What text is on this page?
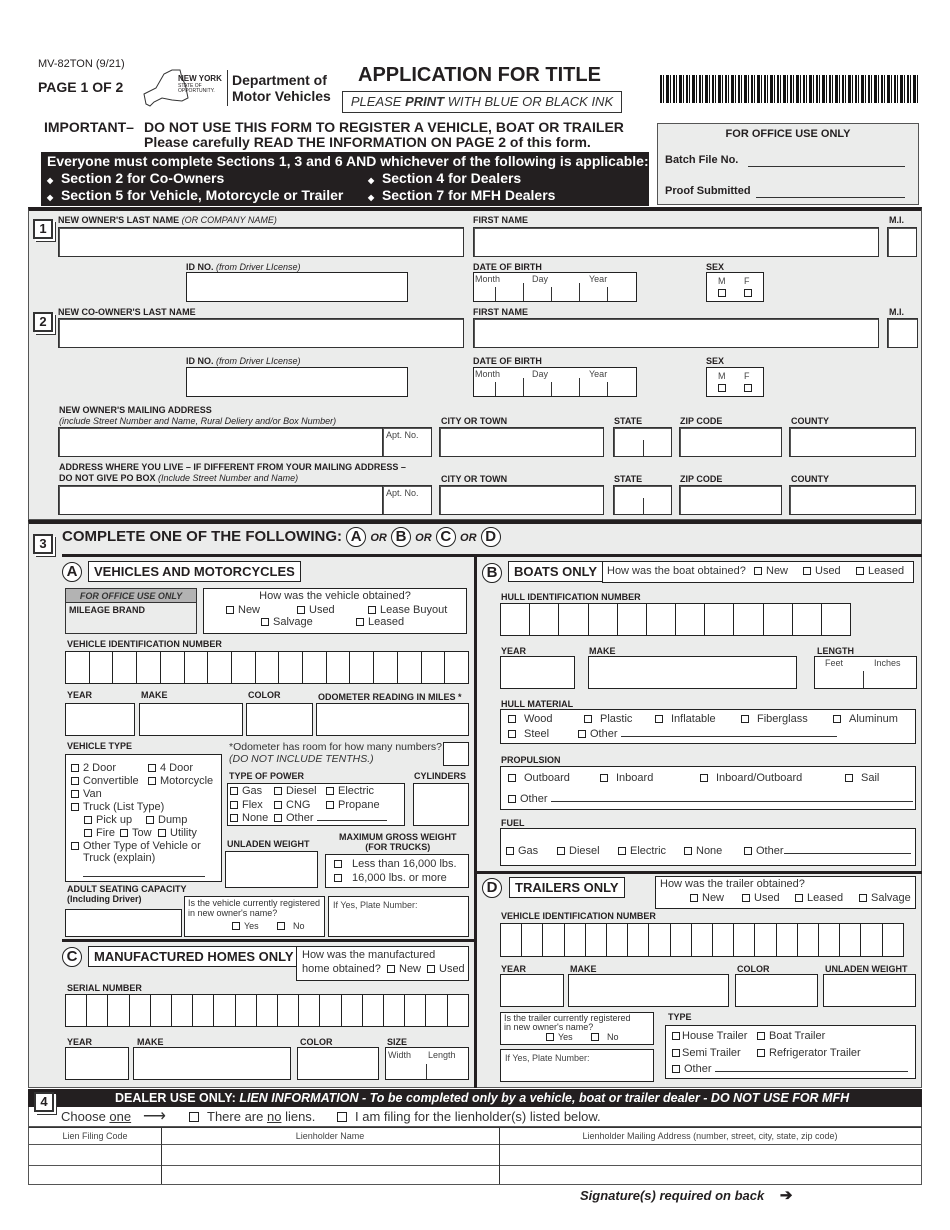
MV-82TON (9/21)
PAGE 1 OF 2
NEW YORK
STATE OF
OPPORTUNITY.
Department of
Motor Vehicles
APPLICATION FOR TITLE
PLEASE PRINT WITH BLUE OR BLACK INK
IMPORTANT– DO NOT USE THIS FORM TO REGISTER A VEHICLE, BOAT OR TRAILER
Please carefully READ THE INFORMATION ON PAGE 2 of this form.
Everyone must complete Sections 1, 3 and 6 AND whichever of the following is applicable:
◆ Section 2 for Co-Owners	◆ Section 4 for Dealers
◆ Section 5 for Vehicle, Motorcycle or Trailer	◆ Section 7 for MFH Dealers
FOR OFFICE USE ONLY
Batch File No.
Proof Submitted
1
NEW OWNER'S LAST NAME (OR COMPANY NAME)	FIRST NAME	M.I.
ID NO. (from Driver LIcense)	DATE OF BIRTH
Month	Day	Year
SEX
M F
2
NEW CO-OWNER'S LAST NAME	FIRST NAME	M.I.
ID NO. (from Driver LIcense)	DATE OF BIRTH
Month	Day	Year
SEX
M F
NEW OWNER'S MAILING ADDRESS
(include Street Number and Name, Rural Deliery and/or Box Number)
Apt. No.
CITY OR TOWN	STATE	ZIP CODE	COUNTY
ADDRESS WHERE YOU LIVE – IF DIFFERENT FROM YOUR MAILING ADDRESS –
DO NOT GIVE PO BOX (Include Street Number and Name)
Apt. No.
CITY OR TOWN	STATE	ZIP CODE	COUNTY
3	COMPLETE ONE OF THE FOLLOWING: A OR B OR C OR D
A	VEHICLES AND MOTORCYCLES
FOR OFFICE USE ONLY
MILEAGE BRAND
How was the vehicle obtained?
New	Used	Lease Buyout
Salvage	Leased
VEHICLE IDENTIFICATION NUMBER
YEAR	MAKE	COLOR	ODOMETER READING IN MILES *
VEHICLE TYPE
2 Door	4 Door
Convertible	Motorcycle
Van
Truck (List Type)
Pick up	Dump
Fire	Tow	Utility
Other Type of Vehicle or
Truck (explain)
*Odometer has room for how many numbers?
(DO NOT INCLUDE TENTHS.)
TYPE OF POWER	CYLINDERS
Gas	Diesel	Electric
Flex	CNG	Propane
None	Other
UNLADEN WEIGHT
MAXIMUM GROSS WEIGHT
(FOR TRUCKS)
Less than 16,000 lbs.
16,000 lbs. or more
ADULT SEATING CAPACITY
(Including Driver)	Is the vehicle currently registered
in new owner's name?
Yes	No
If Yes, Plate Number:
C	MANUFACTURED HOMES ONLY How was the manufactured
home obtained?	New	Used
SERIAL NUMBER
YEAR	MAKE	COLOR	SIZE
Width Length
B	BOATS ONLY How was the boat obtained?	New	Used	Leased
HULL IDENTIFICATION NUMBER
YEAR	MAKE	LENGTH
Feet	Inches
HULL MATERIAL
Wood	Plastic	Inflatable	Fiberglass	Aluminum
Steel	Other
PROPULSION
Outboard	Inboard	Inboard/Outboard	Sail
Other
FUEL
Gas	Diesel	Electric	None	Other
D	TRAILERS ONLY	How was the trailer obtained?
New	Used	Leased	Salvage
VEHICLE IDENTIFICATION NUMBER
YEAR	MAKE	COLOR	UNLADEN WEIGHT
Is the trailer currently registered
in new owner's name?
Yes	No
If Yes, Plate Number:
TYPE
House Trailer	Boat Trailer
Semi Trailer	Refrigerator Trailer
Other
DEALER USE ONLY: LIEN INFORMATION - To be completed only by a vehicle, boat or trailer dealer - DO NOT USE FOR MFH
4
Choose one ⟶	There are no liens.	I am filing for the lienholder(s) listed below.
Lien Filing Code	Lienholder Name	Lienholder Mailing Address (number, street, city, state, zip code)
Signature(s) required on back ➔
